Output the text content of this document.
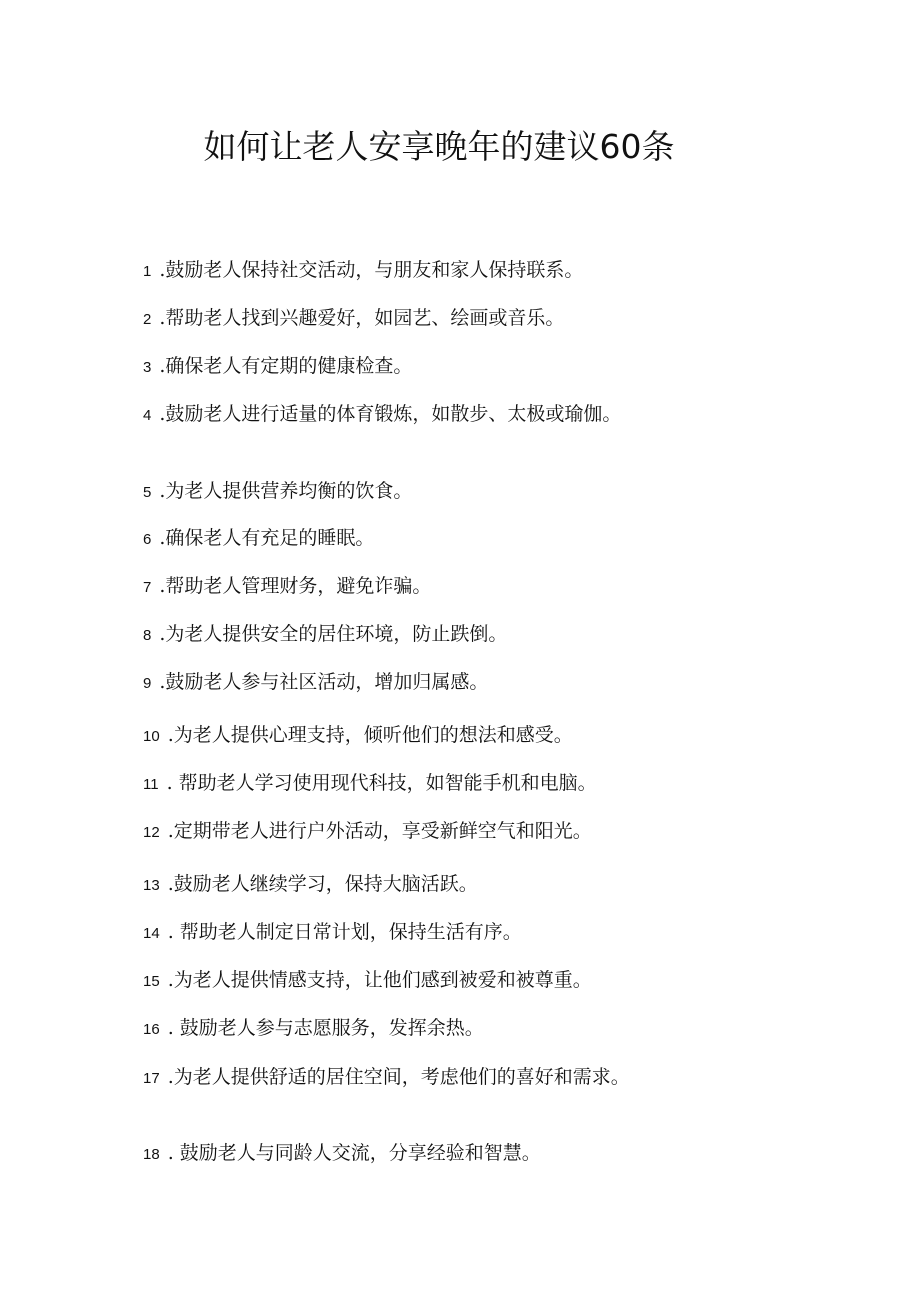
如何让老人安享晚年的建议60条
1 .鼓励老人保持社交活动，与朋友和家人保持联系。
2 .帮助老人找到兴趣爱好，如园艺、绘画或音乐。
3 .确保老人有定期的健康检查。
4 .鼓励老人进行适量的体育锻炼，如散步、太极或瑜伽。
5 .为老人提供营养均衡的饮食。
6 .确保老人有充足的睡眠。
7 .帮助老人管理财务，避免诈骗。
8 .为老人提供安全的居住环境，防止跌倒。
9 .鼓励老人参与社区活动，增加归属感。
10 .为老人提供心理支持，倾听他们的想法和感受。
11 . 帮助老人学习使用现代科技，如智能手机和电脑。
12 .定期带老人进行户外活动，享受新鲜空气和阳光。
13 .鼓励老人继续学习，保持大脑活跃。
14 . 帮助老人制定日常计划，保持生活有序。
15 .为老人提供情感支持，让他们感到被爱和被尊重。
16 . 鼓励老人参与志愿服务，发挥余热。
17 .为老人提供舒适的居住空间，考虑他们的喜好和需求。
18 . 鼓励老人与同龄人交流，分享经验和智慧。
